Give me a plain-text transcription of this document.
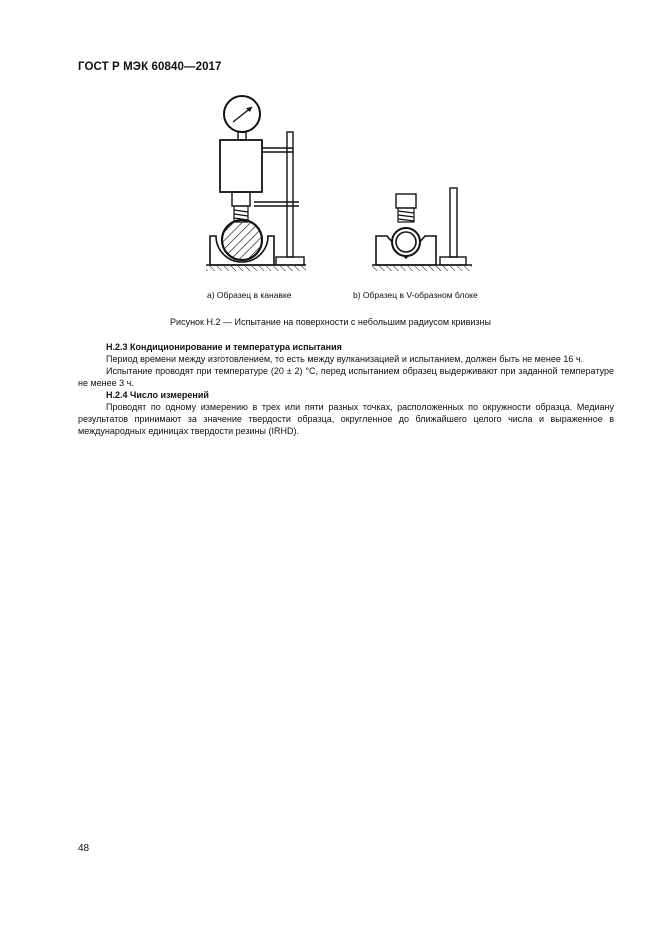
ГОСТ Р МЭК 60840—2017
а) Образец в канавке	b) Образец в V-образном блоке
Рисунок Н.2 — Испытание на поверхности с небольшим радиусом кривизны

Н.2.3 Кондиционирование и температура испытания

Период времени между изготовлением, то есть между вулканизацией и испытанием, должен быть не менее 16 ч.

Испытание проводят при температуре (20 ± 2) °С, перед испытанием образец выдерживают при заданной температуре не менее 3 ч.

Н.2.4 Число измерений

Проводят по одному измерению в трех или пяти разных точках, расположенных по окружности образца. Медиану результатов принимают за значение твердости образца, округленное до ближайшего целого числа и выраженное в международных единицах твердости резины (IRHD).

48
